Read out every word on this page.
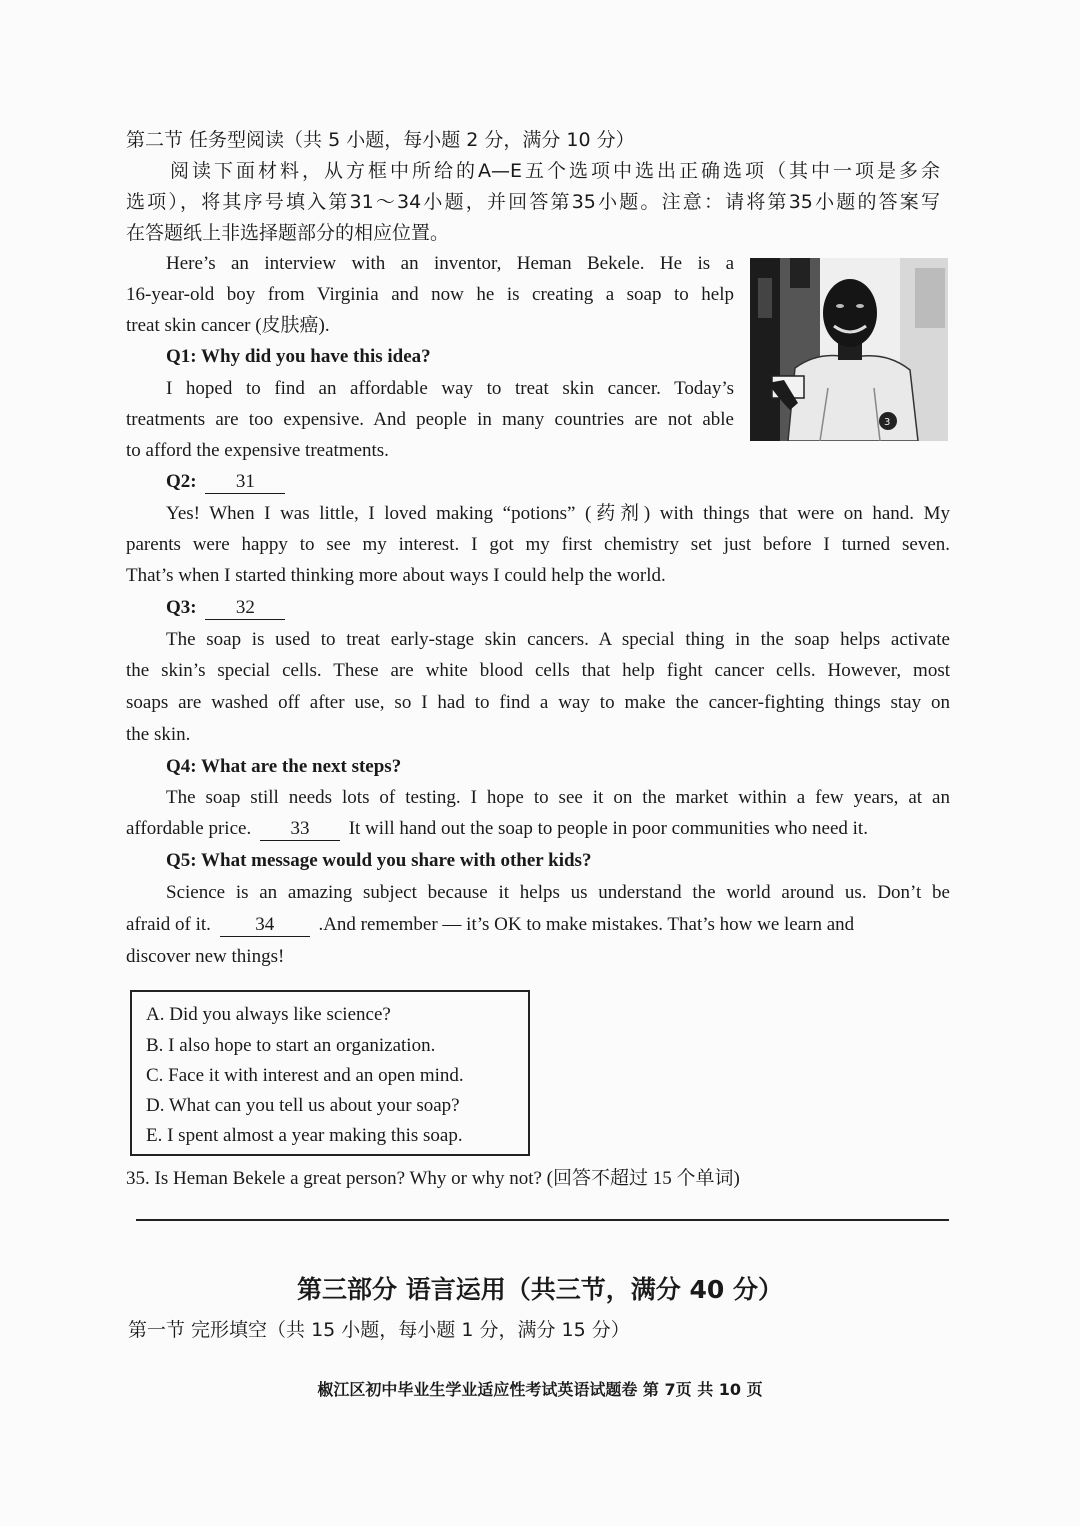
第二节 任务型阅读（共 5 小题，每小题 2 分，满分 10 分）
阅读下面材料，从方框中所给的A—E五个选项中选出正确选项（其中一项是多余
选项），将其序号填入第31～34小题，并回答第35小题。注意：请将第35小题的答案写
在答题纸上非选择题部分的相应位置。
3
Here’s an interview with an inventor, Heman Bekele. He is a
16-year-old boy from Virginia and now he is creating a soap to help
treat skin cancer (皮肤癌).
Q1: Why did you have this idea?
I hoped to find an affordable way to treat skin cancer. Today’s
treatments are too expensive. And people in many countries are not able
to afford the expensive treatments.
Q2: 31
Yes! When I was little, I loved making “potions” (药剂) with things that were on hand. My
parents were happy to see my interest. I got my first chemistry set just before I turned seven.
That’s when I started thinking more about ways I could help the world.
Q3: 32
The soap is used to treat early-stage skin cancers. A special thing in the soap helps activate
the skin’s special cells. These are white blood cells that help fight cancer cells. However, most
soaps are washed off after use, so I had to find a way to make the cancer-fighting things stay on
the skin.
Q4: What are the next steps?
The soap still needs lots of testing. I hope to see it on the market within a few years, at an
affordable price. 33 It will hand out the soap to people in poor communities who need it.
Q5: What message would you share with other kids?
Science is an amazing subject because it helps us understand the world around us. Don’t be
afraid of it. 34 .And remember — it’s OK to make mistakes. That’s how we learn and
discover new things!
A. Did you always like science?
B. I also hope to start an organization.
C. Face it with interest and an open mind.
D. What can you tell us about your soap?
E. I spent almost a year making this soap.
35. Is Heman Bekele a great person? Why or why not? (回答不超过 15 个单词)
第三部分 语言运用（共三节，满分 40 分）
第一节 完形填空（共 15 小题，每小题 1 分，满分 15 分）
椒江区初中毕业生学业适应性考试英语试题卷 第 7页 共 10 页
